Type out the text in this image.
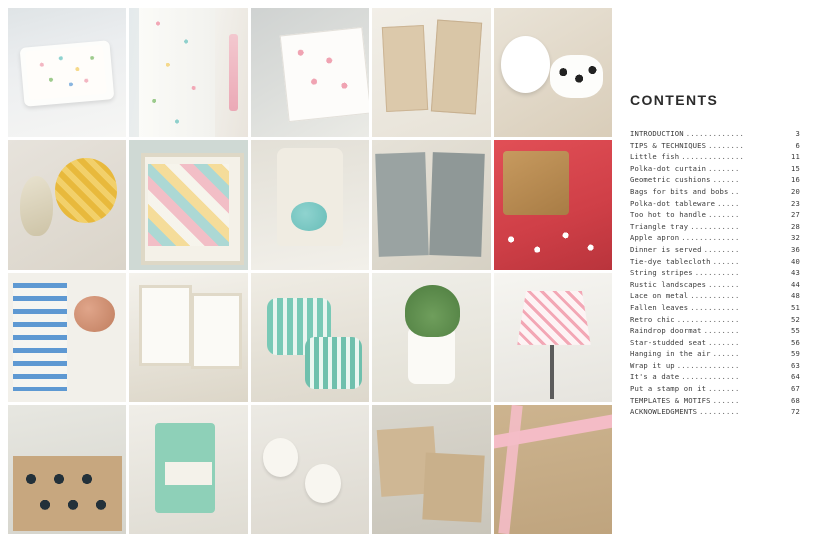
CONTENTS
INTRODUCTION .............	3
TIPS & TECHNIQUES ........	6
Little fish ..............	11
Polka-dot curtain .......	15
Geometric cushions ......	16
Bags for bits and bobs ..	20
Polka-dot tableware .....	23
Too hot to handle .......	27
Triangle tray ...........	28
Apple apron .............	32
Dinner is served ........	36
Tie-dye tablecloth ......	40
String stripes ..........	43
Rustic landscapes .......	44
Lace on metal ...........	48
Fallen leaves ...........	51
Retro chic ..............	52
Raindrop doormat ........	55
Star-studded seat .......	56
Hanging in the air ......	59
Wrap it up ..............	63
It's a date .............	64
Put a stamp on it .......	67
TEMPLATES & MOTIFS ......	68
ACKNOWLEDGMENTS .........	72
